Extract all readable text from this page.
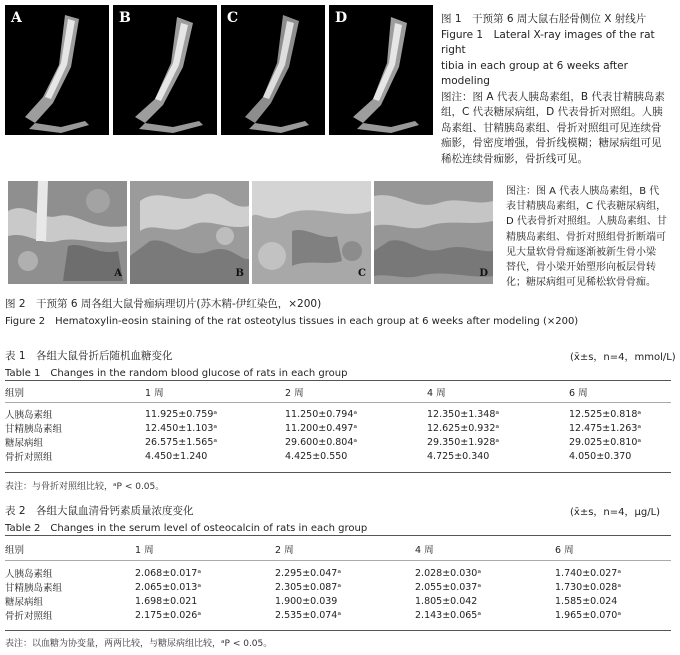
A	B	C	D	图 1　干预第 6 周大鼠右胫骨侧位 X 射线片
Figure 1　Lateral X-ray images of the rat right
tibia in each group at 6 weeks after modeling
图注：图 A 代表人胰岛素组，B 代表甘精胰岛素
组，C 代表糖尿病组，D 代表骨折对照组。人胰
岛素组、甘精胰岛素组、骨折对照组可见连续骨
痂影，骨密度增强，骨折线模糊；糖尿病组可见
稀松连续骨痂影，骨折线可见。
A	B	C	D
图注：图 A 代表人胰岛素组，B 代
表甘精胰岛素组，C 代表糖尿病组，
D 代表骨折对照组。人胰岛素组、甘
精胰岛素组、骨折对照组骨折断端可
见大量软骨骨痂逐渐被新生骨小梁
替代，骨小梁开始塑形向板层骨转
化；糖尿病组可见稀松软骨骨痂。
图 2　干预第 6 周各组大鼠骨痂病理切片(苏木精-伊红染色，×200)
Figure 2　Hematoxylin-eosin staining of the rat osteotylus tissues in each group at 6 weeks after modeling (×200)
表 1　各组大鼠骨折后随机血糖变化	(x̄±s，n=4，mmol/L)
Table 1　Changes in the random blood glucose of rats in each group
组别	1 周	2 周	4 周	6 周
人胰岛素组	11.925±0.759ᵃ	11.250±0.794ᵃ	12.350±1.348ᵃ	12.525±0.818ᵃ
甘精胰岛素组	12.450±1.103ᵃ	11.200±0.497ᵃ	12.625±0.932ᵃ	12.475±1.263ᵃ
糖尿病组	26.575±1.565ᵃ	29.600±0.804ᵃ	29.350±1.928ᵃ	29.025±0.810ᵃ
骨折对照组	4.450±1.240	4.425±0.550	4.725±0.340	4.050±0.370
表注：与骨折对照组比较，ᵃP < 0.05。
表 2　各组大鼠血清骨钙素质量浓度变化	(x̄±s，n=4，μg/L)
Table 2　Changes in the serum level of osteocalcin of rats in each group
组别	1 周	2 周	4 周	6 周
人胰岛素组	2.068±0.017ᵃ	2.295±0.047ᵃ	2.028±0.030ᵃ	1.740±0.027ᵃ
甘精胰岛素组	2.065±0.013ᵃ	2.305±0.087ᵃ	2.055±0.037ᵃ	1.730±0.028ᵃ
糖尿病组	1.698±0.021	1.900±0.039	1.805±0.042	1.585±0.024
骨折对照组	2.175±0.026ᵃ	2.535±0.074ᵃ	2.143±0.065ᵃ	1.965±0.070ᵃ
表注：以血糖为协变量，两两比较，与糖尿病组比较，ᵃP < 0.05。
